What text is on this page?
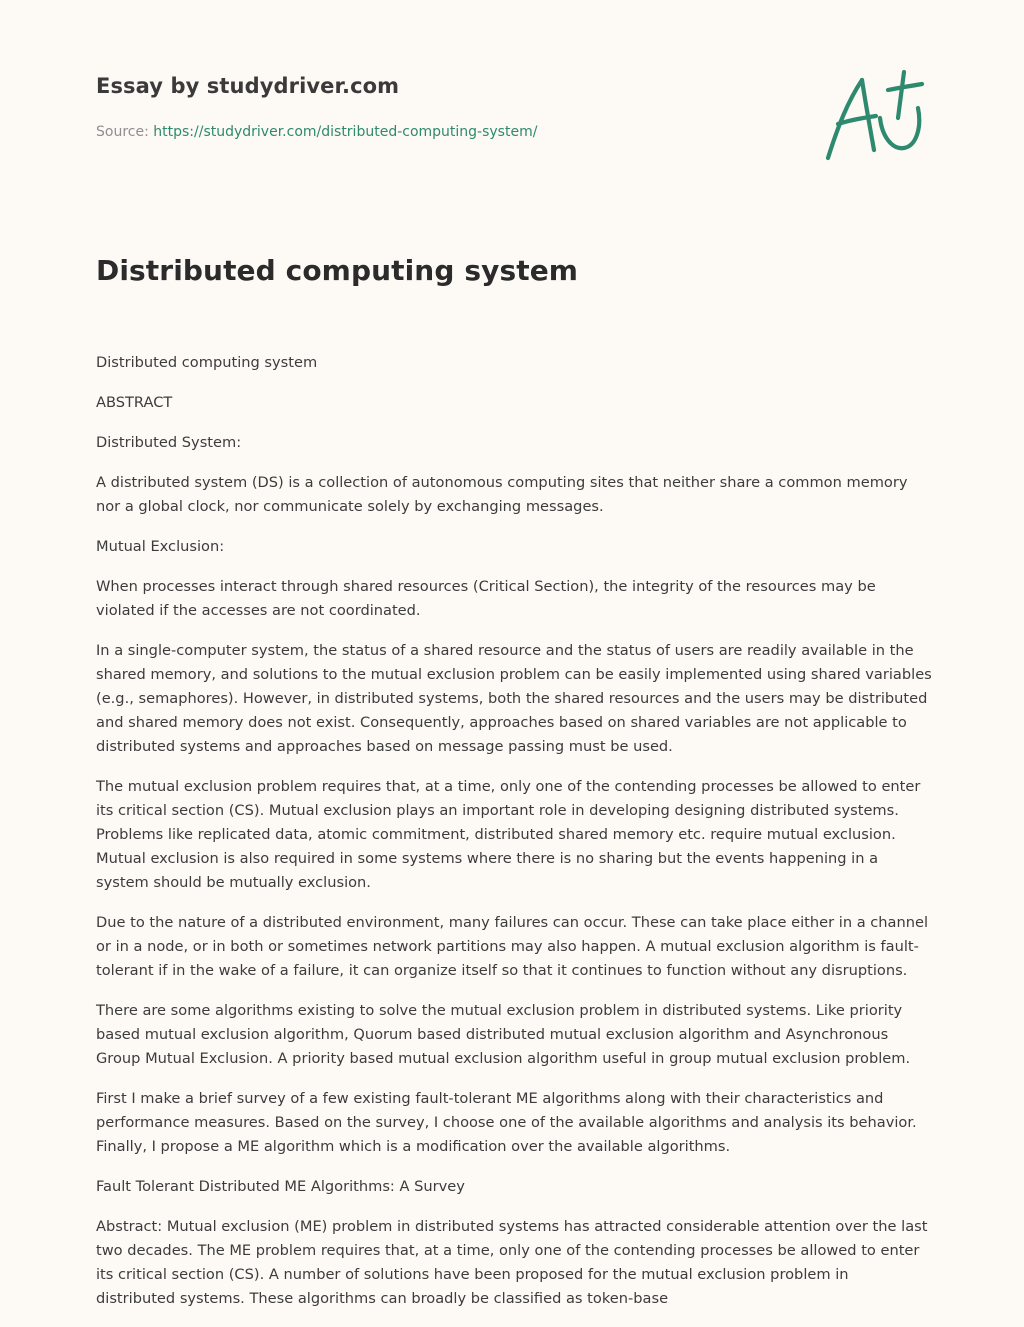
Essay by studydriver.com
Source: https://studydriver.com/distributed-computing-system/
Distributed computing system

Distributed computing system

ABSTRACT

Distributed System:

A distributed system (DS) is a collection of autonomous computing sites that neither share a common memory nor a global clock, nor communicate solely by exchanging messages.

Mutual Exclusion:

When processes interact through shared resources (Critical Section), the integrity of the resources may be violated if the accesses are not coordinated.

In a single-computer system, the status of a shared resource and the status of users are readily available in the shared memory, and solutions to the mutual exclusion problem can be easily implemented using shared variables (e.g., semaphores). However, in distributed systems, both the shared resources and the users may be distributed and shared memory does not exist. Consequently, approaches based on shared variables are not applicable to distributed systems and approaches based on message passing must be used.

The mutual exclusion problem requires that, at a time, only one of the contending processes be allowed to enter its critical section (CS). Mutual exclusion plays an important role in developing designing distributed systems. Problems like replicated data, atomic commitment, distributed shared memory etc. require mutual exclusion. Mutual exclusion is also required in some systems where there is no sharing but the events happening in a system should be mutually exclusion.

Due to the nature of a distributed environment, many failures can occur. These can take place either in a channel or in a node, or in both or sometimes network partitions may also happen. A mutual exclusion algorithm is fault-tolerant if in the wake of a failure, it can organize itself so that it continues to function without any disruptions.

There are some algorithms existing to solve the mutual exclusion problem in distributed systems. Like priority based mutual exclusion algorithm, Quorum based distributed mutual exclusion algorithm and Asynchronous Group Mutual Exclusion. A priority based mutual exclusion algorithm useful in group mutual exclusion problem.

First I make a brief survey of a few existing fault-tolerant ME algorithms along with their characteristics and performance measures. Based on the survey, I choose one of the available algorithms and analysis its behavior. Finally, I propose a ME algorithm which is a modification over the available algorithms.

Fault Tolerant Distributed ME Algorithms: A Survey

Abstract: Mutual exclusion (ME) problem in distributed systems has attracted considerable attention over the last two decades. The ME problem requires that, at a time, only one of the contending processes be allowed to enter its critical section (CS). A number of solutions have been proposed for the mutual exclusion problem in distributed systems. These algorithms can broadly be classified as token-base
